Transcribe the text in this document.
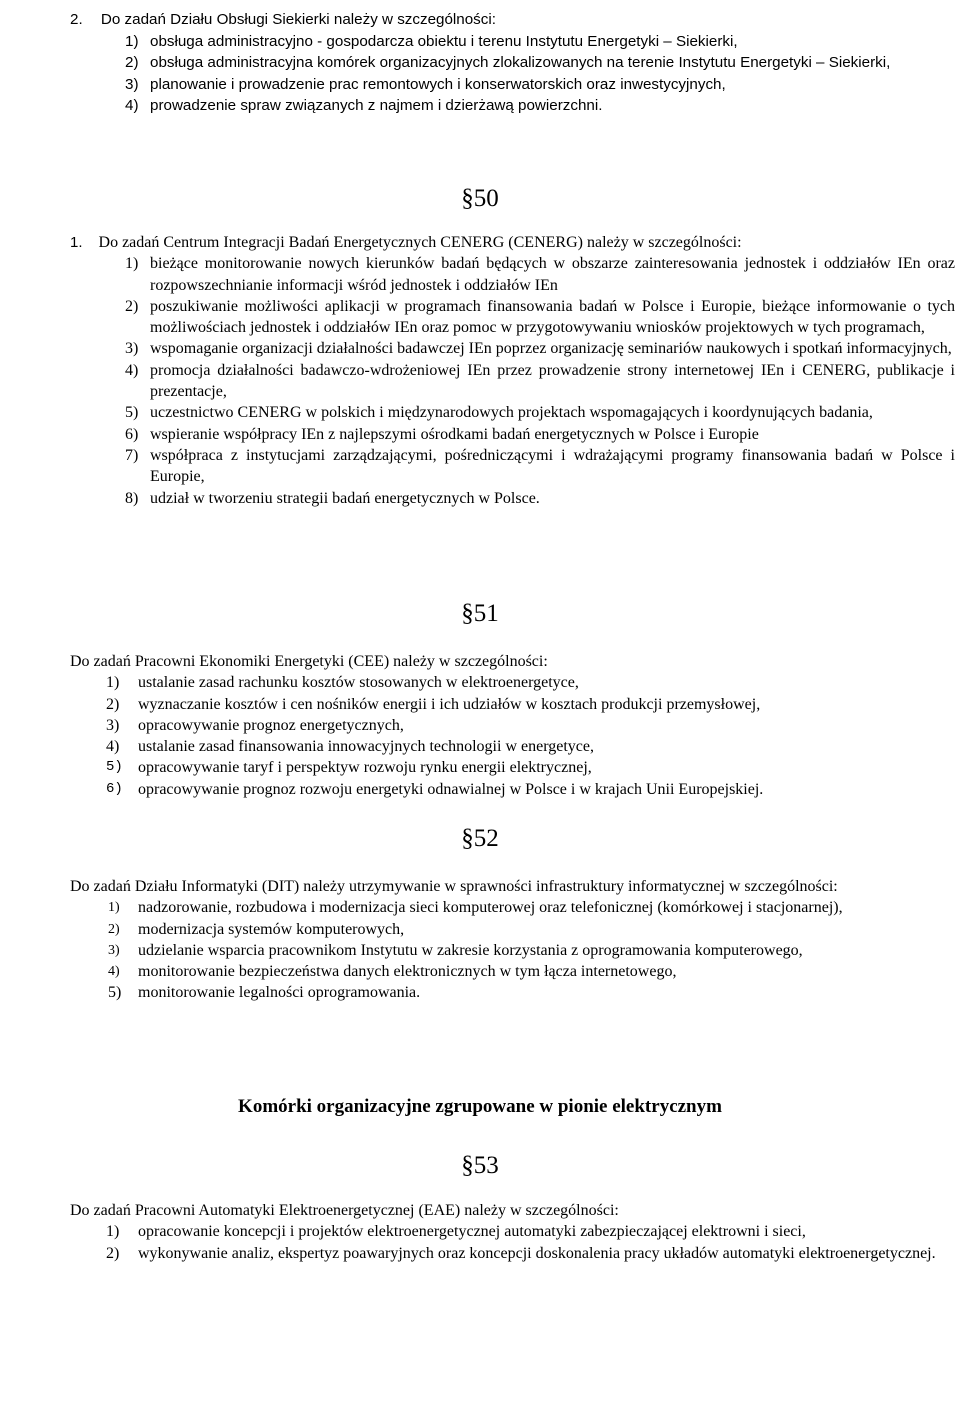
2. Do zadań Działu Obsługi Siekierki należy w szczególności:
1) obsługa administracyjno - gospodarcza obiektu i terenu Instytutu Energetyki – Siekierki,
2) obsługa administracyjna komórek organizacyjnych zlokalizowanych na terenie Instytutu Energetyki – Siekierki,
3) planowanie i prowadzenie prac remontowych i konserwatorskich oraz inwestycyjnych,
4) prowadzenie spraw związanych z najmem i dzierżawą powierzchni.
§50
1. Do zadań Centrum Integracji Badań Energetycznych CENERG (CENERG) należy w szczególności:
1) bieżące monitorowanie nowych kierunków badań będących w obszarze zainteresowania jednostek i oddziałów IEn oraz rozpowszechnianie informacji wśród jednostek i oddziałów IEn
2) poszukiwanie możliwości aplikacji w programach finansowania badań w Polsce i Europie, bieżące informowanie o tych możliwościach jednostek i oddziałów IEn oraz pomoc w przygotowywaniu wniosków projektowych w tych programach,
3) wspomaganie organizacji działalności badawczej IEn poprzez organizację seminariów naukowych i spotkań informacyjnych,
4) promocja działalności badawczo-wdrożeniowej IEn przez prowadzenie strony internetowej IEn i CENERG, publikacje i prezentacje,
5) uczestnictwo CENERG w polskich i międzynarodowych projektach wspomagających i koordynujących badania,
6) wspieranie współpracy IEn z najlepszymi ośrodkami badań energetycznych w Polsce i Europie
7) współpraca z instytucjami zarządzającymi, pośredniczącymi i wdrażającymi programy finansowania badań w Polsce i Europie,
8) udział w tworzeniu strategii badań energetycznych w Polsce.
§51
Do zadań Pracowni Ekonomiki Energetyki (CEE) należy w szczególności:
1) ustalanie zasad rachunku kosztów stosowanych w elektroenergetyce,
2) wyznaczanie kosztów i cen nośników energii i ich udziałów w kosztach produkcji przemysłowej,
3) opracowywanie prognoz energetycznych,
4) ustalanie zasad finansowania innowacyjnych technologii w energetyce,
5) opracowywanie taryf i perspektyw rozwoju rynku energii elektrycznej,
6) opracowywanie prognoz rozwoju energetyki odnawialnej w Polsce i w krajach Unii Europejskiej.
§52
Do zadań Działu Informatyki (DIT) należy utrzymywanie w sprawności infrastruktury informatycznej w szczególności:
1) nadzorowanie, rozbudowa i modernizacja sieci komputerowej oraz telefonicznej (komórkowej i stacjonarnej),
2) modernizacja systemów komputerowych,
3) udzielanie wsparcia pracownikom Instytutu w zakresie korzystania z oprogramowania komputerowego,
4) monitorowanie bezpieczeństwa danych elektronicznych w tym łącza internetowego,
5) monitorowanie legalności oprogramowania.
Komórki organizacyjne zgrupowane w pionie elektrycznym
§53
Do zadań Pracowni Automatyki Elektroenergetycznej (EAE) należy w szczególności:
1) opracowanie koncepcji i projektów elektroenergetycznej automatyki zabezpieczającej elektrowni i sieci,
2) wykonywanie analiz, ekspertyz poawaryjnych oraz koncepcji doskonalenia pracy układów automatyki elektroenergetycznej.
